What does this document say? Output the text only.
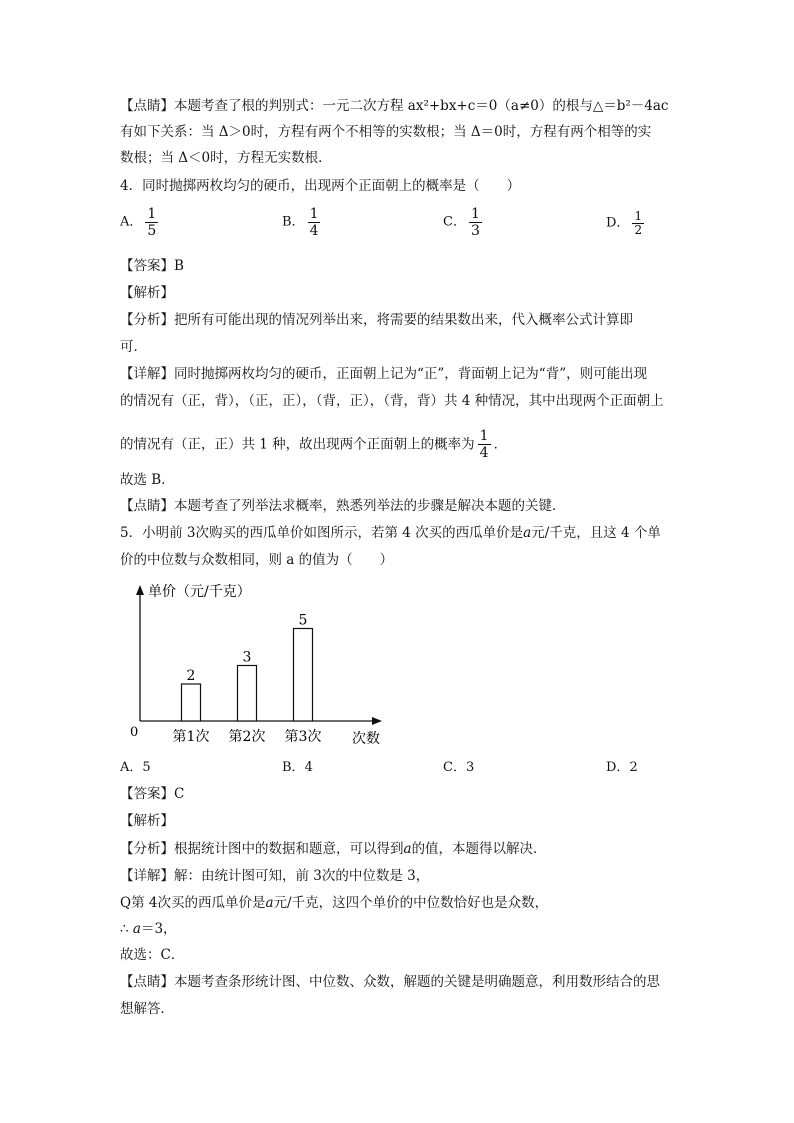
【点睛】本题考查了根的判别式：一元二次方程 ax²+bx+c＝0（a≠0）的根与△＝b²－4ac
有如下关系：当 Δ＞0时，方程有两个不相等的实数根；当 Δ＝0时，方程有两个相等的实
数根；当 Δ＜0时，方程无实数根．
4．同时抛掷两枚均匀的硬币，出现两个正面朝上的概率是（　　）
A． $\frac{1}{5}$	B． $\frac{1}{4}$	C． $\frac{1}{3}$	D． $\frac{1}{2}$
【答案】B
【解析】
【分析】把所有可能出现的情况列举出来，将需要的结果数出来，代入概率公式计算即
可．
【详解】同时抛掷两枚均匀的硬币，正面朝上记为“正”，背面朝上记为“背”，则可能出现
的情况有（正，背），（正，正），（背，正），（背，背）共 4 种情况，其中出现两个正面朝上
的情况有（正，正）共 1 种，故出现两个正面朝上的概率为 $\frac{1}{4}$ ．
故选 B．
【点睛】本题考查了列举法求概率，熟悉列举法的步骤是解决本题的关键．
5．小明前 3次购买的西瓜单价如图所示，若第 4 次买的西瓜单价是a元/千克，且这 4 个单
价的中位数与众数相同，则 a 的值为（　　）
单价（元/千克）
次数
0
2
第1次
3
第2次
5
第3次
A．5	B．4	C．3	D．2
【答案】C
【解析】
【分析】根据统计图中的数据和题意，可以得到a的值，本题得以解决．
【详解】解：由统计图可知，前 3次的中位数是 3，
Q第 4次买的西瓜单价是a元/千克，这四个单价的中位数恰好也是众数，
∴ a＝3，
故选：C．
【点睛】本题考查条形统计图、中位数、众数，解题的关键是明确题意，利用数形结合的思
想解答．
